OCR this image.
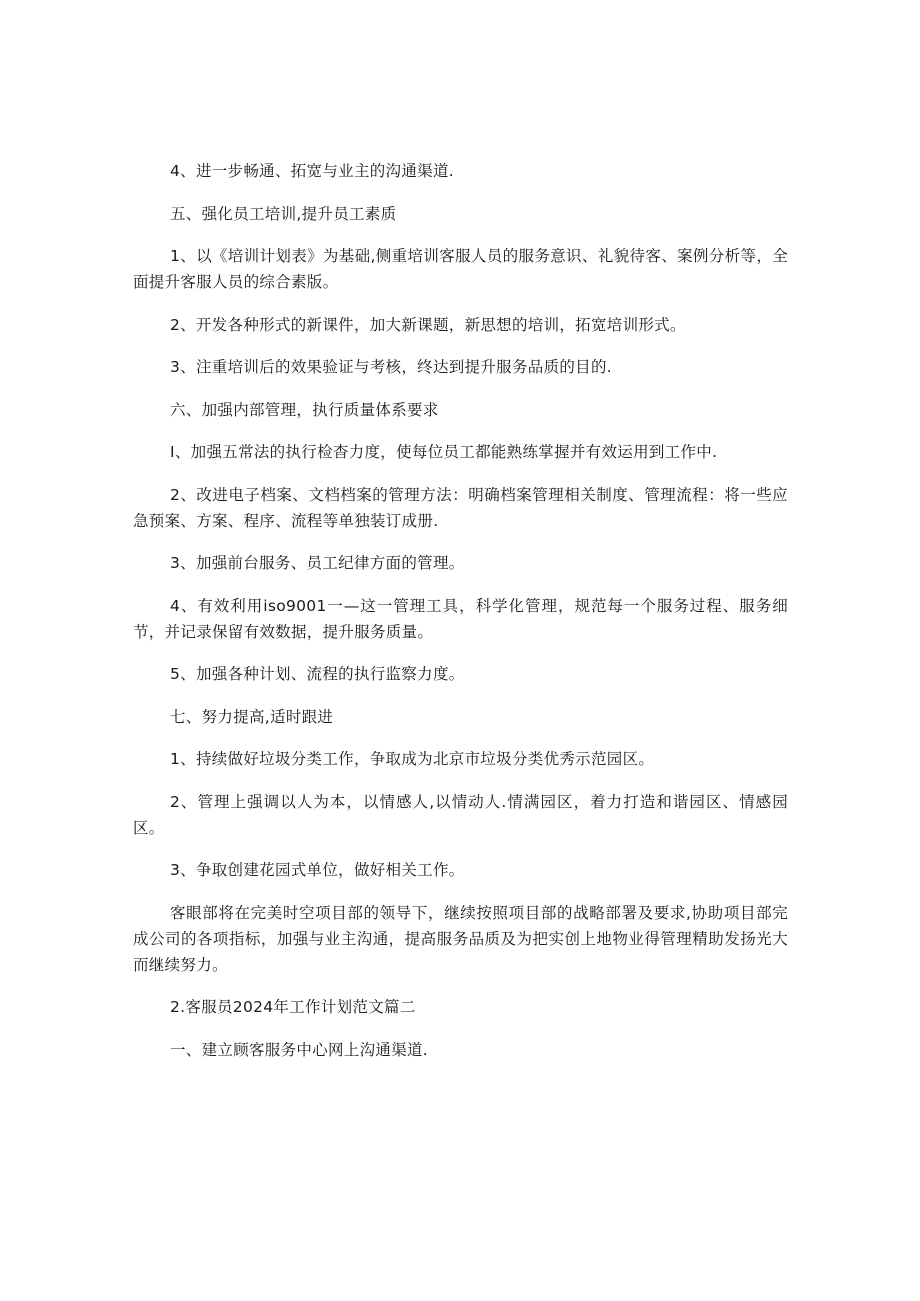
4、进一步畅通、拓宽与业主的沟通渠道.

五、强化员工培训,提升员工素质

1、以《培训计划表》为基础,侧重培训客服人员的服务意识、礼貌待客、案例分析等，全面提升客服人员的综合素版。

2、开发各种形式的新课件，加大新课题，新思想的培训，拓宽培训形式。

3、注重培训后的效果验证与考核，终达到提升服务品质的目的.

六、加强内部管理，执行质量体系要求

I、加强五常法的执行检杳力度，使每位员工都能熟练掌握并有效运用到工作中.

2、改进电子档案、文档档案的管理方法：明确档案管理相关制度、管理流程：将一些应急预案、方案、程序、流程等单独装订成册.

3、加强前台服务、员工纪律方面的管理。

4、有效利用iso9001一—这一管理工具，科学化管理，规范每一个服务过程、服务细节，并记录保留有效数据，提升服务质量。

5、加强各种计划、流程的执行监察力度。

七、努力提高,适时跟进

1、持续做好垃圾分类工作，争取成为北京市垃圾分类优秀示范园区。

2、管理上强调以人为本，以情感人,以情动人.情满园区，着力打造和谐园区、情感园区。

3、争取创建花园式单位，做好相关工作。

客眼部将在完美时空项目部的领导下，继续按照项目部的战略部署及要求,协助项目部完成公司的各项指标，加强与业主沟通，提高服务品质及为把实创上地物业得管理精助发扬光大而继续努力。

2.客服员2024年工作计划范文篇二

一、建立顾客服务中心网上沟通渠道.
